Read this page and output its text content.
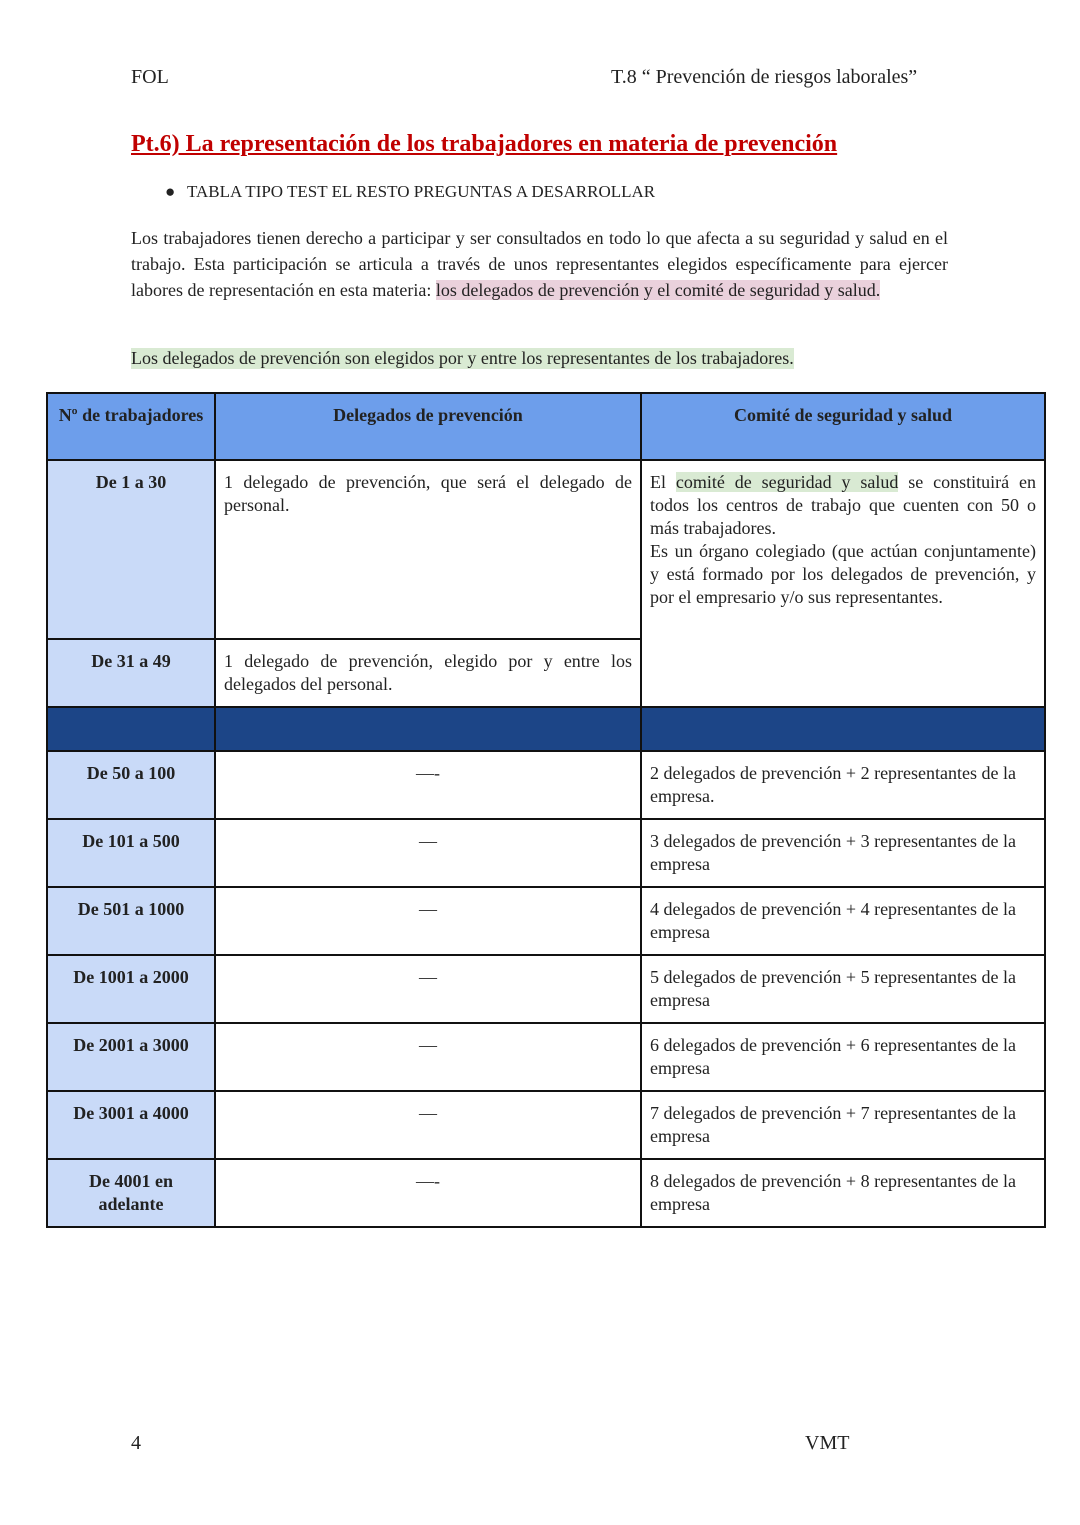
FOL	T.8 “ Prevención de riesgos laborales”
Pt.6) La representación de los trabajadores en materia de prevención
● TABLA TIPO TEST EL RESTO PREGUNTAS A DESARROLLAR
Los trabajadores tienen derecho a participar y ser consultados en todo lo que afecta a su seguridad y salud en el trabajo. Esta participación se articula a través de unos representantes elegidos específicamente para ejercer labores de representación en esta materia: los delegados de prevención y el comité de seguridad y salud.
Los delegados de prevención son elegidos por y entre los representantes de los trabajadores.
Nº de trabajadores	Delegados de prevención	Comité de seguridad y salud
De 1 a 30	1 delegado de prevención, que será el delegado de personal.	El comité de seguridad y salud se constituirá en todos los centros de trabajo que cuenten con 50 o más trabajadores.
Es un órgano colegiado (que actúan conjuntamente) y está formado por los delegados de prevención, y por el empresario y/o sus representantes.
De 31 a 49	1 delegado de prevención, elegido por y entre los delegados del personal.	

De 50 a 100	—-	2 delegados de prevención + 2 representantes de la empresa.
De 101 a 500	—	3 delegados de prevención + 3 representantes de la empresa
De 501 a 1000	—	4 delegados de prevención + 4 representantes de la empresa
De 1001 a 2000	—	5 delegados de prevención + 5 representantes de la empresa
De 2001 a 3000	—	6 delegados de prevención + 6 representantes de la empresa
De 3001 a 4000	—	7 delegados de prevención + 7 representantes de la empresa
De 4001 en adelante	—-	8 delegados de prevención + 8 representantes de la empresa
4	VMT
